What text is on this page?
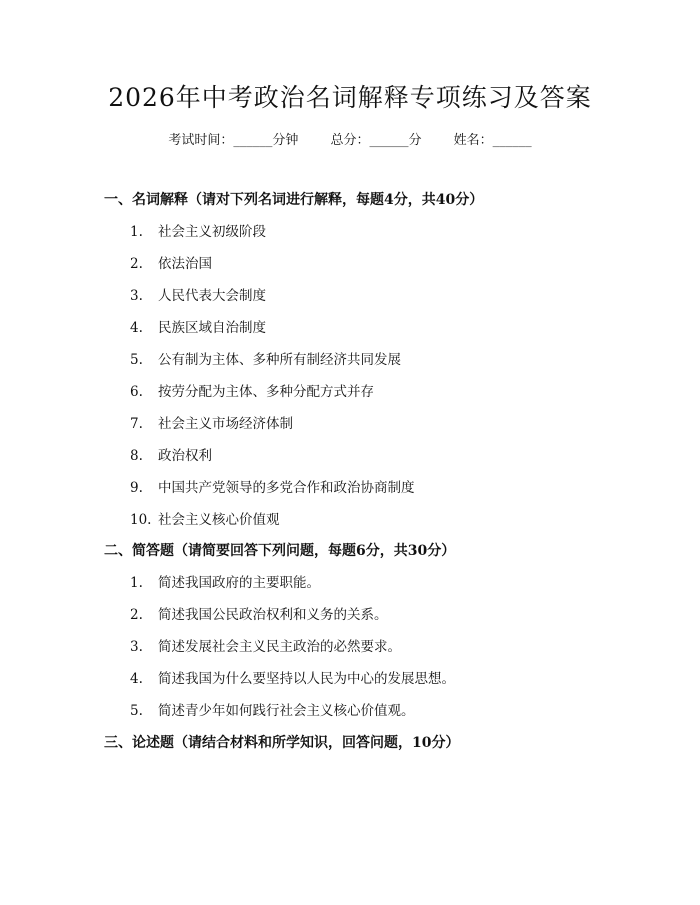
2026年中考政治名词解释专项练习及答案
考试时间：______分钟 总分：______分 姓名：______
一、名词解释（请对下列名词进行解释，每题4分，共40分）
1. 社会主义初级阶段
2. 依法治国
3. 人民代表大会制度
4. 民族区域自治制度
5. 公有制为主体、多种所有制经济共同发展
6. 按劳分配为主体、多种分配方式并存
7. 社会主义市场经济体制
8. 政治权利
9. 中国共产党领导的多党合作和政治协商制度
10. 社会主义核心价值观
二、简答题（请简要回答下列问题，每题6分，共30分）
1. 简述我国政府的主要职能。
2. 简述我国公民政治权利和义务的关系。
3. 简述发展社会主义民主政治的必然要求。
4. 简述我国为什么要坚持以人民为中心的发展思想。
5. 简述青少年如何践行社会主义核心价值观。
三、论述题（请结合材料和所学知识，回答问题，10分）
